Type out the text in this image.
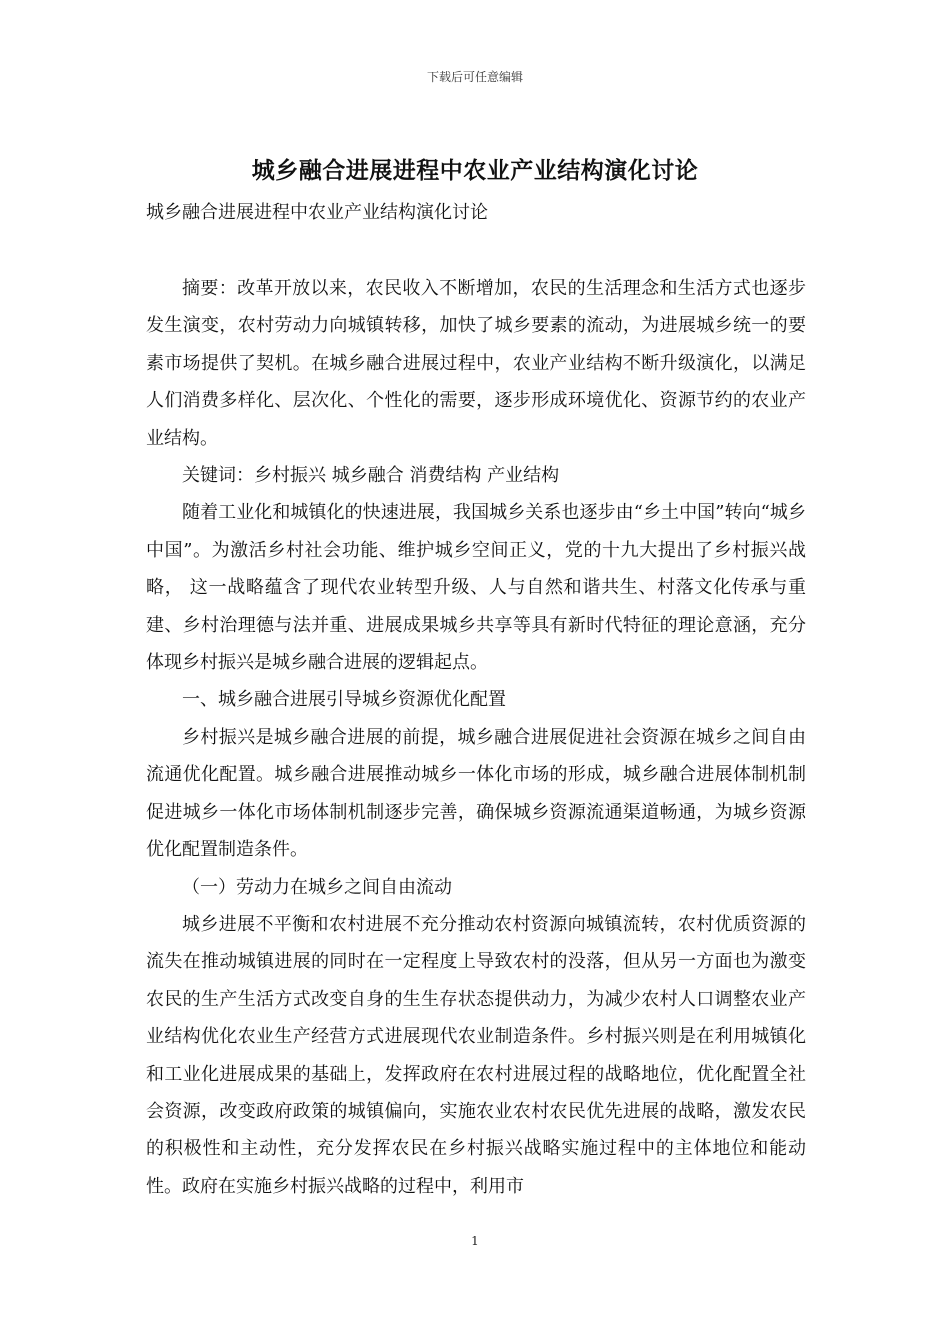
下载后可任意编辑
城乡融合进展进程中农业产业结构演化讨论
城乡融合进展进程中农业产业结构演化讨论

摘要：改革开放以来，农民收入不断增加，农民的生活理念和生活方式也逐步发生演变，农村劳动力向城镇转移，加快了城乡要素的流动，为进展城乡统一的要素市场提供了契机。在城乡融合进展过程中，农业产业结构不断升级演化，以满足人们消费多样化、层次化、个性化的需要，逐步形成环境优化、资源节约的农业产业结构。

关键词：乡村振兴 城乡融合 消费结构 产业结构

随着工业化和城镇化的快速进展，我国城乡关系也逐步由“乡土中国”转向“城乡中国”。为激活乡村社会功能、维护城乡空间正义，党的十九大提出了乡村振兴战略， 这一战略蕴含了现代农业转型升级、人与自然和谐共生、村落文化传承与重建、乡村治理德与法并重、进展成果城乡共享等具有新时代特征的理论意涵，充分体现乡村振兴是城乡融合进展的逻辑起点。

一、城乡融合进展引导城乡资源优化配置

乡村振兴是城乡融合进展的前提，城乡融合进展促进社会资源在城乡之间自由流通优化配置。城乡融合进展推动城乡一体化市场的形成，城乡融合进展体制机制促进城乡一体化市场体制机制逐步完善，确保城乡资源流通渠道畅通，为城乡资源优化配置制造条件。

（一）劳动力在城乡之间自由流动

城乡进展不平衡和农村进展不充分推动农村资源向城镇流转，农村优质资源的流失在推动城镇进展的同时在一定程度上导致农村的没落，但从另一方面也为激变农民的生产生活方式改变自身的生生存状态提供动力，为减少农村人口调整农业产业结构优化农业生产经营方式进展现代农业制造条件。乡村振兴则是在利用城镇化和工业化进展成果的基础上，发挥政府在农村进展过程的战略地位，优化配置全社会资源，改变政府政策的城镇偏向，实施农业农村农民优先进展的战略，激发农民的积极性和主动性，充分发挥农民在乡村振兴战略实施过程中的主体地位和能动性。政府在实施乡村振兴战略的过程中，利用市

1
